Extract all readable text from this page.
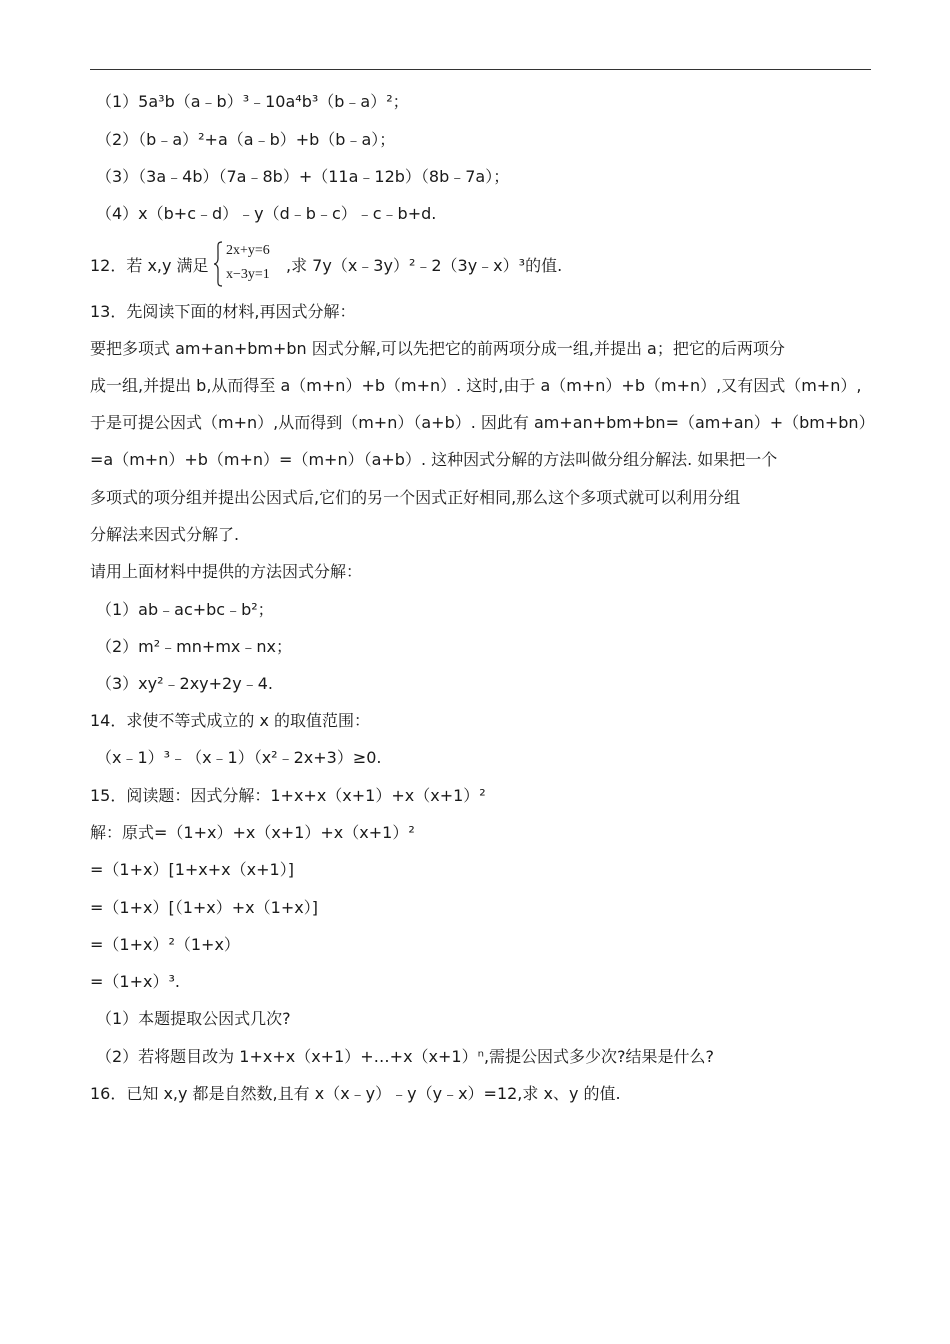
（1）5a³b（a﹣b）³﹣10a⁴b³（b﹣a）²；
（2）（b﹣a）²+a（a﹣b）+b（b﹣a）；
（3）（3a﹣4b）（7a﹣8b）+（11a﹣12b）（8b﹣7a）；
（4）x（b+c﹣d）﹣y（d﹣b﹣c）﹣c﹣b+d.
12．若 x,y 满足
2x+y=6
x−3y=1 ,求 7y（x﹣3y）²﹣2（3y﹣x）³的值.
13．先阅读下面的材料,再因式分解：
要把多项式 am+an+bm+bn 因式分解,可以先把它的前两项分成一组,并提出 a；把它的后两项分
成一组,并提出 b,从而得至 a（m+n）+b（m+n）. 这时,由于 a（m+n）+b（m+n）,又有因式（m+n）,
于是可提公因式（m+n）,从而得到（m+n）（a+b）. 因此有 am+an+bm+bn=（am+an）+（bm+bn）
=a（m+n）+b（m+n）=（m+n）（a+b）. 这种因式分解的方法叫做分组分解法. 如果把一个
多项式的项分组并提出公因式后,它们的另一个因式正好相同,那么这个多项式就可以利用分组
分解法来因式分解了.
请用上面材料中提供的方法因式分解：
（1）ab﹣ac+bc﹣b²；
（2）m²﹣mn+mx﹣nx；
（3）xy²﹣2xy+2y﹣4.
14．求使不等式成立的 x 的取值范围：
（x﹣1）³﹣（x﹣1）（x²﹣2x+3）≥0.
15．阅读题：因式分解：1+x+x（x+1）+x（x+1）²
解：原式=（1+x）+x（x+1）+x（x+1）²
=（1+x）[1+x+x（x+1）]
=（1+x）[（1+x）+x（1+x）]
=（1+x）²（1+x）
=（1+x）³.
（1）本题提取公因式几次?
（2）若将题目改为 1+x+x（x+1）+…+x（x+1）ⁿ,需提公因式多少次?结果是什么?
16．已知 x,y 都是自然数,且有 x（x﹣y）﹣y（y﹣x）=12,求 x、y 的值.
